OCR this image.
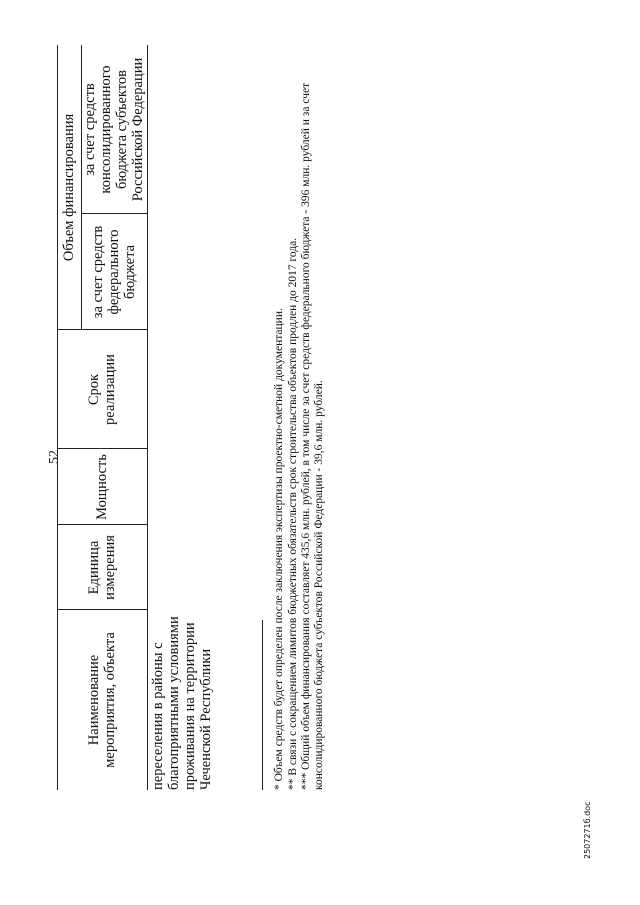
52
Наименование
мероприятия, объекта
Единица
измерения
Мощность
Срок
реализации
Объем финансирования
за счет средств
федерального
бюджета
за счет средств
консолидированного
бюджета субъектов
Российской Федерации
переселения в районы с
благоприятными условиями
проживания на территории
Чеченской Республики	* Объем средств будет определен после заключения экспертизы проектно-сметной документации. ** В связи с сокращением лимитов бюджетных обязательств срок строительства объектов продлен до 2017 года. *** Общий объем финансирования составляет 435,6 млн. рублей, в том числе за счет средств федерального бюджета - 396 млн. рублей и за счет консолидированного бюджета субъектов Российской Федерации - 39,6 млн. рублей.
2507271б.doc
